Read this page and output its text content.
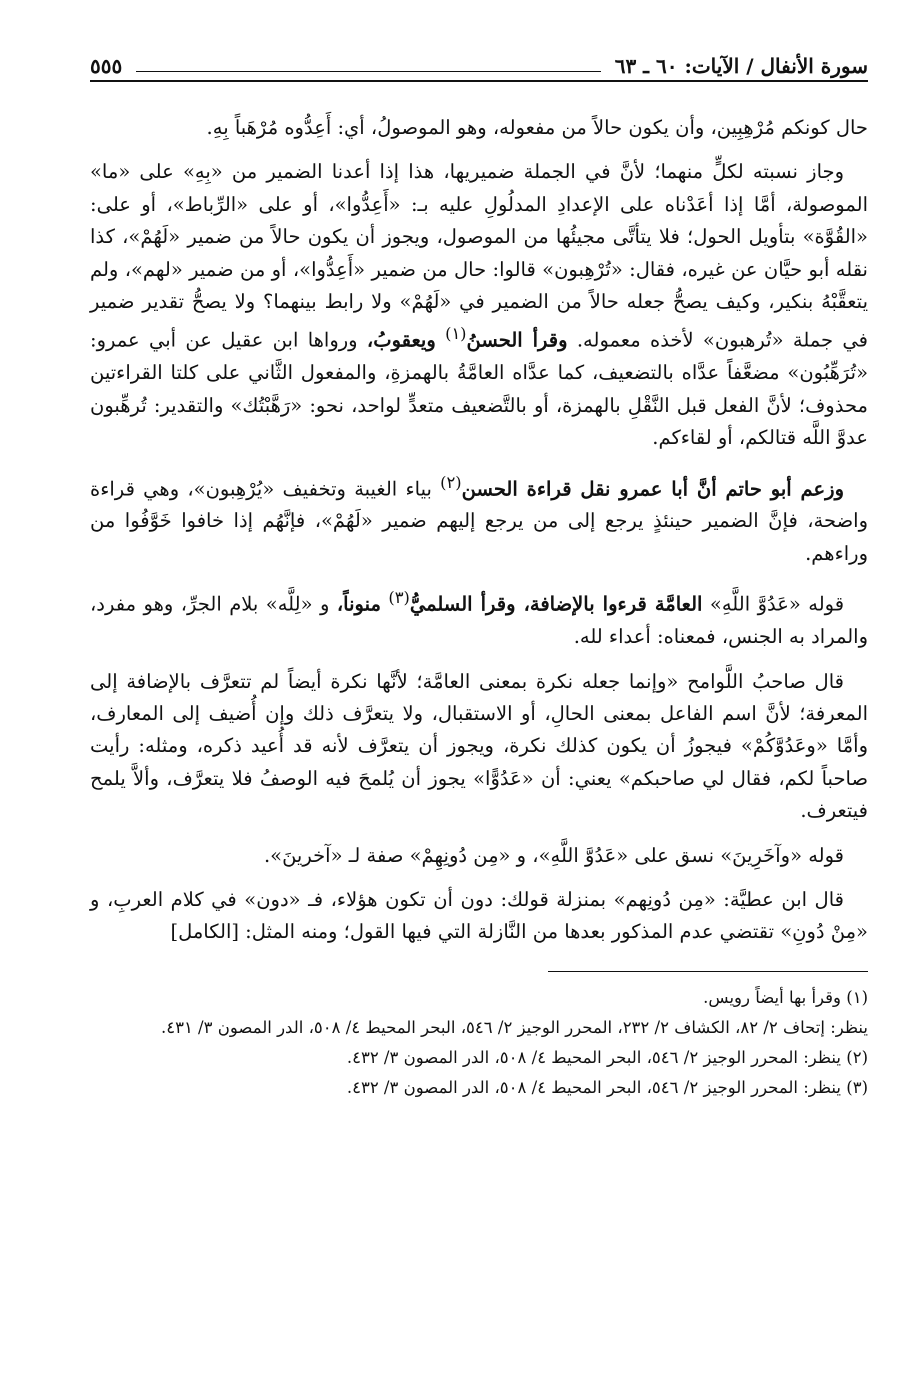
سورة الأنفال / الآيات: ٦٠ ـ ٦٣
٥٥٥

حال كونكم مُرْهِبِين، وأن يكون حالاً من مفعوله، وهو الموصولُ، أي: أَعِدُّوه مُرْهَباً بِهِ.

وجاز نسبته لكلٍّ منهما؛ لأنَّ في الجملة ضميريها، هذا إذا أعدنا الضمير من «بِهِ» على «ما» الموصولة، أمَّا إذا أعَدْناه على الإعدادِ المدلُولِ عليه بـ: «أَعِدُّوا»، أو على «الرِّباط»، أو على: «القُوَّة» بتأويل الحول؛ فلا يتأتَّى مجيئُها من الموصول، ويجوز أن يكون حالاً من ضمير «لَهُمْ»، كذا نقله أبو حيَّان عن غيره، فقال: «تُرْهِبون» قالوا: حال من ضمير «أَعِدُّوا»، أو من ضمير «لهم»، ولم يتعقَّبْهُ بنكير، وكيف يصحُّ جعله حالاً من الضمير في «لَهُمْ» ولا رابط بينهما؟ ولا يصحُّ تقدير ضمير في جملة «تُرهبون» لأخذه معموله. وقرأ الحسنُ$^{(١)}$ ويعقوبُ، ورواها ابن عقيل عن أبي عمرو: «تُرَهِّبُون» مضعَّفاً عدَّاه بالتضعيف، كما عدَّاه العامَّةُ بالهمزةِ، والمفعول الثَّاني على كلتا القراءتين محذوف؛ لأنَّ الفعل قبل النَّقْلِ بالهمزة، أو بالتَّضعيف متعدٍّ لواحد، نحو: «رَهَّبْتُك» والتقدير: تُرهِّبون عدوَّ اللَّه قتالكم، أو لقاءكم.

وزعم أبو حاتم أنَّ أبا عمرو نقل قراءة الحسن$^{(٢)}$ بياء الغيبة وتخفيف «يُرْهِبون»، وهي قراءة واضحة، فإنَّ الضمير حينئذٍ يرجع إلى من يرجع إليهم ضمير «لَهُمْ»، فإنَّهُم إذا خافوا خَوَّفُوا من وراءهم.

قوله «عَدُوَّ اللَّهِ» العامَّة قرءوا بالإضافة، وقرأ السلميُّ$^{(٣)}$ منوناً، و «لِلَّه» بلام الجرِّ، وهو مفرد، والمراد به الجنس، فمعناه: أعداء لله.

قال صاحبُ اللَّوامح «وإنما جعله نكرة بمعنى العامَّة؛ لأنَّها نكرة أيضاً لم تتعرَّف بالإضافة إلى المعرفة؛ لأنَّ اسم الفاعل بمعنى الحالِ، أو الاستقبال، ولا يتعرَّف ذلك وإن أُضيف إلى المعارف، وأمَّا «وعَدُوَّكُمْ» فيجوزُ أن يكون كذلك نكرة، ويجوز أن يتعرَّف لأنه قد أُعيد ذكره، ومثله: رأيت صاحباً لكم، فقال لي صاحبكم» يعني: أن «عَدُوًّا» يجوز أن يُلمحَ فيه الوصفُ فلا يتعرَّف، وألاَّ يلمح فيتعرف.

قوله «وآخَرِينَ» نسق على «عَدُوَّ اللَّهِ»، و «مِن دُونِهِمْ» صفة لـ «آخرينَ».

قال ابن عطيَّة: «مِن دُونِهم» بمنزلة قولك: دون أن تكون هؤلاء، فـ «دون» في كلام العربِ، و «مِنْ دُونِ» تقتضي عدم المذكور بعدها من النَّازلة التي فيها القول؛ ومنه المثل: [الكامل]

(١) وقرأ بها أيضاً رويس.

ينظر: إتحاف ٢/ ٨٢، الكشاف ٢/ ٢٣٢، المحرر الوجيز ٢/ ٥٤٦، البحر المحيط ٤/ ٥٠٨، الدر المصون ٣/ ٤٣١.

(٢) ينظر: المحرر الوجيز ٢/ ٥٤٦، البحر المحيط ٤/ ٥٠٨، الدر المصون ٣/ ٤٣٢.

(٣) ينظر: المحرر الوجيز ٢/ ٥٤٦، البحر المحيط ٤/ ٥٠٨، الدر المصون ٣/ ٤٣٢.
